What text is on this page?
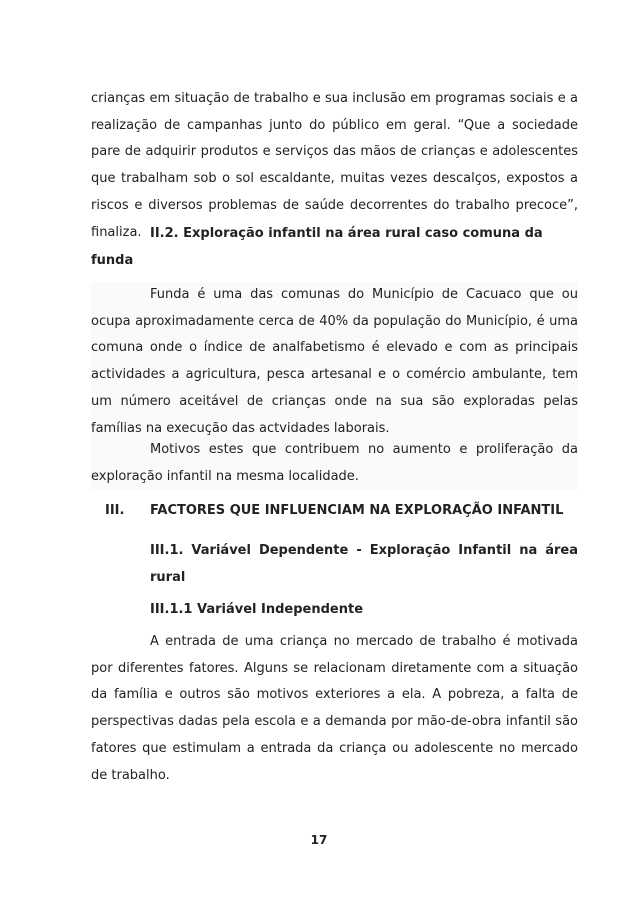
crianças em situação de trabalho e sua inclusão em programas sociais e a realização de campanhas junto do público em geral. “Que a sociedade pare de adquirir produtos e serviços das mãos de crianças e adolescentes que trabalham sob o sol escaldante, muitas vezes descalços, expostos a riscos e diversos problemas de saúde decorrentes do trabalho precoce”, finaliza. II.2. Exploração infantil na área rural caso comuna da funda

Funda é uma das comunas do Município de Cacuaco que ou ocupa aproximadamente cerca de 40% da população do Município, é uma comuna onde o índice de analfabetismo é elevado e com as principais actividades a agricultura, pesca artesanal e o comércio ambulante, tem um número aceitável de crianças onde na sua são exploradas pelas famílias na execução das actvidades laborais.

Motivos estes que contribuem no aumento e proliferação da exploração infantil na mesma localidade.

III. FACTORES QUE INFLUENCIAM NA EXPLORAÇÃO INFANTIL

III.1. Variável Dependente - Exploração Infantil na área rural

III.1.1 Variável Independente

A entrada de uma criança no mercado de trabalho é motivada por diferentes fatores. Alguns se relacionam diretamente com a situação da família e outros são motivos exteriores a ela. A pobreza, a falta de perspectivas dadas pela escola e a demanda por mão-de-obra infantil são fatores que estimulam a entrada da criança ou adolescente no mercado de trabalho.

17
